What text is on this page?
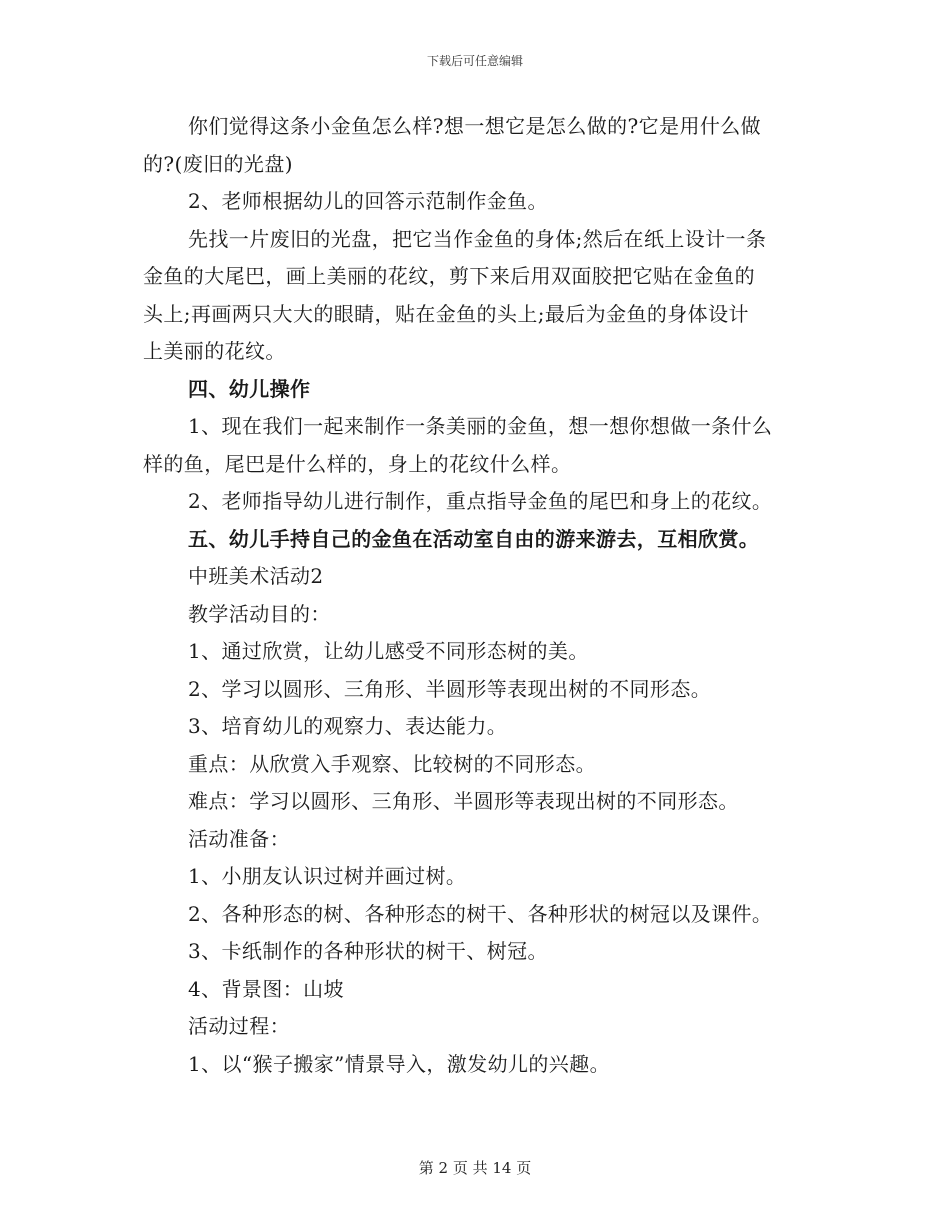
下载后可任意编辑
你们觉得这条小金鱼怎么样?想一想它是怎么做的?它是用什么做
的?(废旧的光盘)
2、老师根据幼儿的回答示范制作金鱼。
先找一片废旧的光盘，把它当作金鱼的身体;然后在纸上设计一条
金鱼的大尾巴，画上美丽的花纹，剪下来后用双面胶把它贴在金鱼的
头上;再画两只大大的眼睛，贴在金鱼的头上;最后为金鱼的身体设计
上美丽的花纹。
四、幼儿操作
1、现在我们一起来制作一条美丽的金鱼，想一想你想做一条什么
样的鱼，尾巴是什么样的，身上的花纹什么样。
2、老师指导幼儿进行制作，重点指导金鱼的尾巴和身上的花纹。
五、幼儿手持自己的金鱼在活动室自由的游来游去，互相欣赏。
中班美术活动2
教学活动目的：
1、通过欣赏，让幼儿感受不同形态树的美。
2、学习以圆形、三角形、半圆形等表现出树的不同形态。
3、培育幼儿的观察力、表达能力。
重点：从欣赏入手观察、比较树的不同形态。
难点：学习以圆形、三角形、半圆形等表现出树的不同形态。
活动准备：
1、小朋友认识过树并画过树。
2、各种形态的树、各种形态的树干、各种形状的树冠以及课件。
3、卡纸制作的各种形状的树干、树冠。
4、背景图：山坡
活动过程：
1、以“猴子搬家”情景导入，激发幼儿的兴趣。
第 2 页 共 14 页
